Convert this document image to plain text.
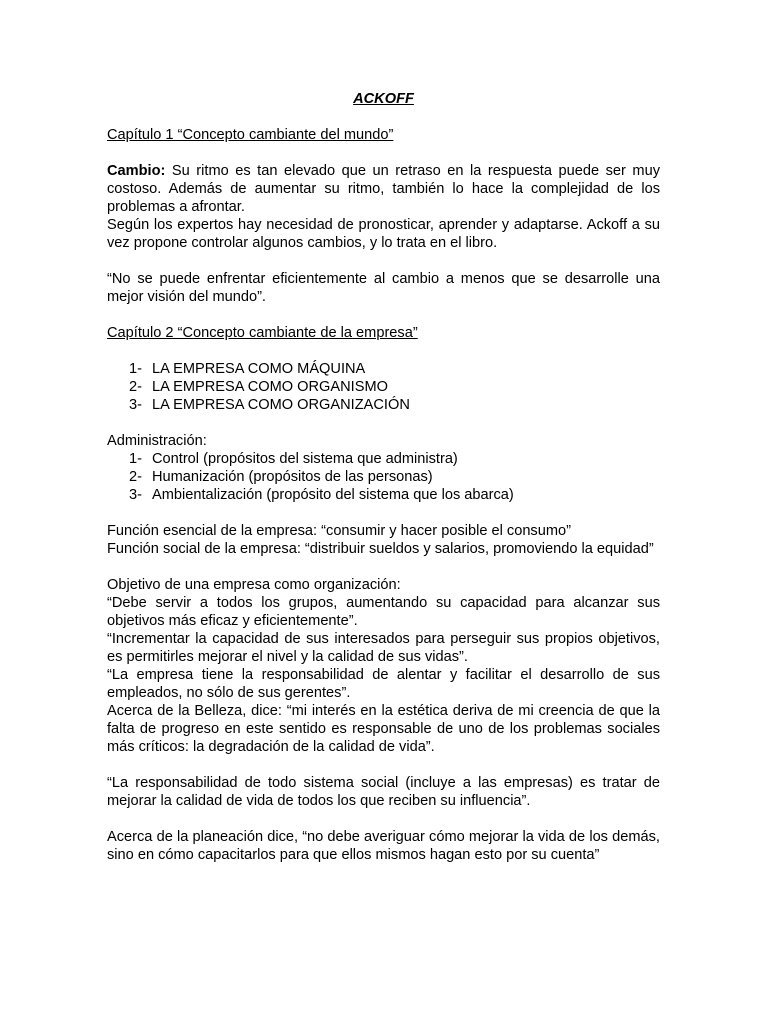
ACKOFF

Capítulo 1 “Concepto cambiante del mundo”

Cambio: Su ritmo es tan elevado que un retraso en la respuesta puede ser muy costoso. Además de aumentar su ritmo, también lo hace la complejidad de los problemas a afrontar.

Según los expertos hay necesidad de pronosticar, aprender y adaptarse. Ackoff a su vez propone controlar algunos cambios, y lo trata en el libro.

“No se puede enfrentar eficientemente al cambio a menos que se desarrolle una mejor visión del mundo”.

Capítulo 2 “Concepto cambiante de la empresa”

1- LA EMPRESA COMO MÁQUINA
2- LA EMPRESA COMO ORGANISMO
3- LA EMPRESA COMO ORGANIZACIÓN

Administración:

1- Control (propósitos del sistema que administra)
2- Humanización (propósitos de las personas)
3- Ambientalización (propósito del sistema que los abarca)

Función esencial de la empresa: “consumir y hacer posible el consumo”

Función social de la empresa: “distribuir sueldos y salarios, promoviendo la equidad”

Objetivo de una empresa como organización:

“Debe servir a todos los grupos, aumentando su capacidad para alcanzar sus objetivos más eficaz y eficientemente”.

“Incrementar la capacidad de sus interesados para perseguir sus propios objetivos, es permitirles mejorar el nivel y la calidad de sus vidas”.

“La empresa tiene la responsabilidad de alentar y facilitar el desarrollo de sus empleados, no sólo de sus gerentes”.

Acerca de la Belleza, dice: “mi interés en la estética deriva de mi creencia de que la falta de progreso en este sentido es responsable de uno de los problemas sociales más críticos: la degradación de la calidad de vida”.

“La responsabilidad de todo sistema social (incluye a las empresas) es tratar de mejorar la calidad de vida de todos los que reciben su influencia”.

Acerca de la planeación dice, “no debe averiguar cómo mejorar la vida de los demás, sino en cómo capacitarlos para que ellos mismos hagan esto por su cuenta”
